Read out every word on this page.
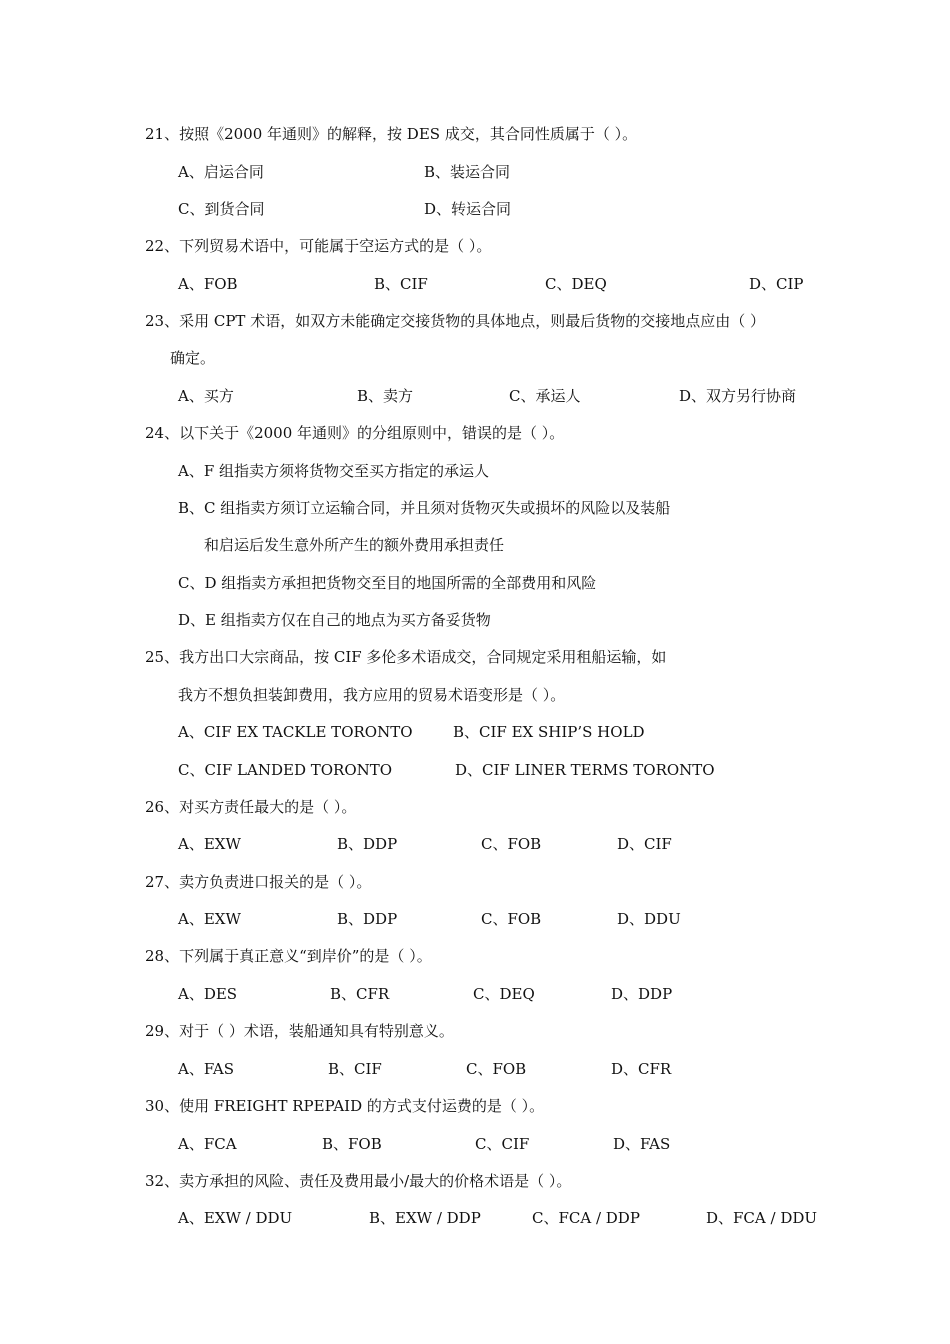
21、按照《2000 年通则》的解释，按 DES 成交，其合同性质属于（ ）。
A、启运合同	B、装运合同
C、到货合同	D、转运合同
22、下列贸易术语中，可能属于空运方式的是（ ）。
A、FOB	B、CIF	C、DEQ	D、CIP
23、采用 CPT 术语，如双方未能确定交接货物的具体地点，则最后货物的交接地点应由（ ）
确定。
A、买方	B、卖方	C、承运人	D、双方另行协商
24、以下关于《2000 年通则》的分组原则中，错误的是（ ）。
A、F 组指卖方须将货物交至买方指定的承运人
B、C 组指卖方须订立运输合同，并且须对货物灭失或损坏的风险以及装船
和启运后发生意外所产生的额外费用承担责任
C、D 组指卖方承担把货物交至目的地国所需的全部费用和风险
D、E 组指卖方仅在自己的地点为买方备妥货物
25、我方出口大宗商品，按 CIF 多伦多术语成交，合同规定采用租船运输，如
我方不想负担装卸费用，我方应用的贸易术语变形是（ ）。
A、CIF EX TACKLE TORONTO	B、CIF EX SHIP’S HOLD
C、CIF LANDED TORONTO	D、CIF LINER TERMS TORONTO
26、对买方责任最大的是（ ）。
A、EXW	B、DDP	C、FOB	D、CIF
27、卖方负责进口报关的是（ ）。
A、EXW	B、DDP	C、FOB	D、DDU
28、下列属于真正意义“到岸价”的是（ ）。
A、DES	B、CFR	C、DEQ	D、DDP
29、对于（ ）术语，装船通知具有特别意义。
A、FAS	B、CIF	C、FOB	D、CFR
30、使用 FREIGHT RPEPAID 的方式支付运费的是（ ）。
A、FCA	B、FOB	C、CIF	D、FAS
32、卖方承担的风险、责任及费用最小/最大的价格术语是（ ）。
A、EXW / DDU	B、EXW / DDP	C、FCA / DDP	D、FCA / DDU
